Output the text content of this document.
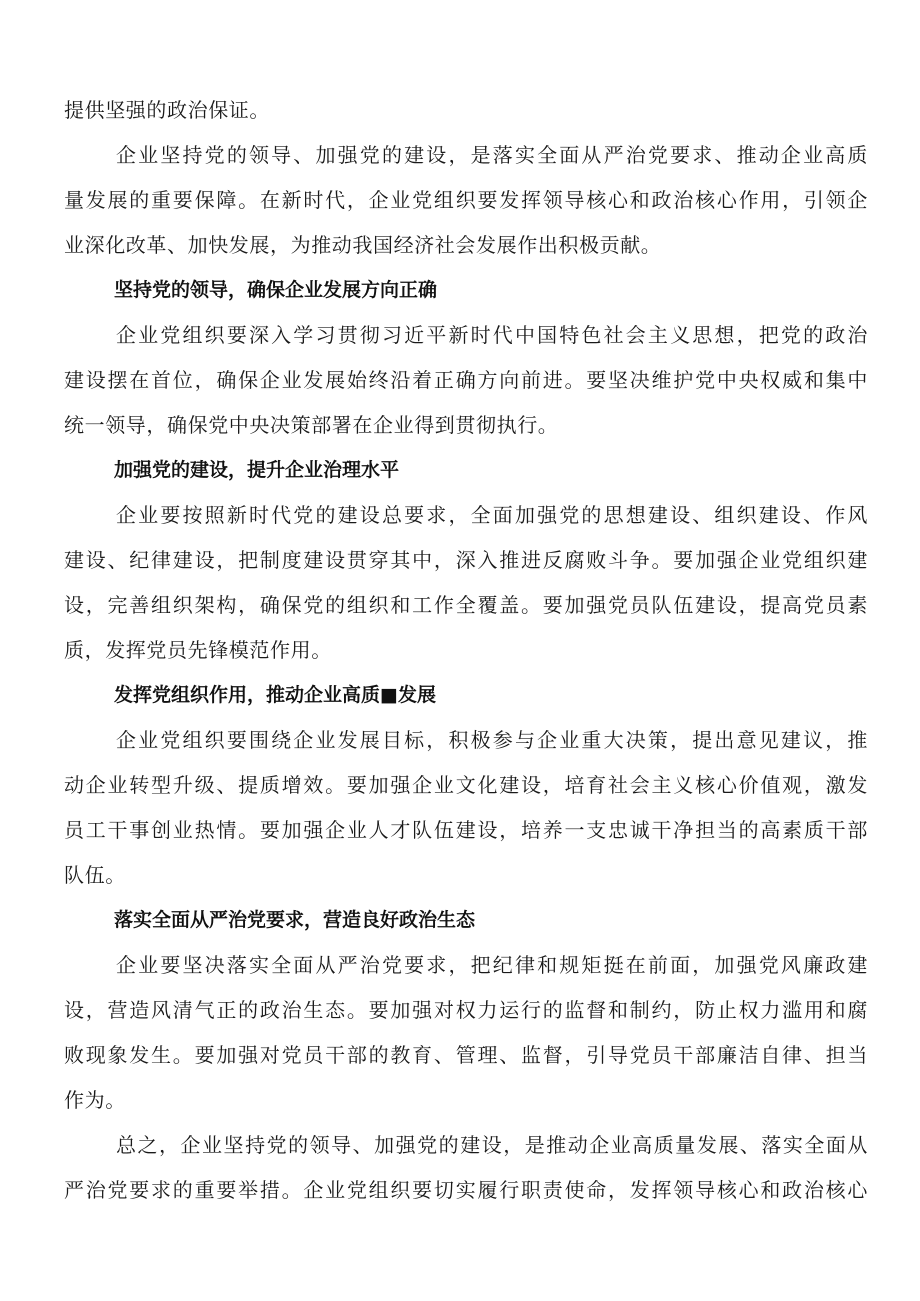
提供坚强的政治保证。

企业坚持党的领导、加强党的建设，是落实全面从严治党要求、推动企业高质

量发展的重要保障。在新时代，企业党组织要发挥领导核心和政治核心作用，引领企

业深化改革、加快发展，为推动我国经济社会发展作出积极贡献。

坚持党的领导，确保企业发展方向正确

企业党组织要深入学习贯彻习近平新时代中国特色社会主义思想，把党的政治

建设摆在首位，确保企业发展始终沿着正确方向前进。要坚决维护党中央权威和集中

统一领导，确保党中央决策部署在企业得到贯彻执行。

加强党的建设，提升企业治理水平

企业要按照新时代党的建设总要求，全面加强党的思想建设、组织建设、作风

建设、纪律建设，把制度建设贯穿其中，深入推进反腐败斗争。要加强企业党组织建

设，完善组织架构，确保党的组织和工作全覆盖。要加强党员队伍建设，提高党员素

质，发挥党员先锋模范作用。

发挥党组织作用，推动企业高质■发展

企业党组织要围绕企业发展目标，积极参与企业重大决策，提出意见建议，推

动企业转型升级、提质增效。要加强企业文化建设，培育社会主义核心价值观，激发

员工干事创业热情。要加强企业人才队伍建设，培养一支忠诚干净担当的高素质干部

队伍。

落实全面从严治党要求，营造良好政治生态

企业要坚决落实全面从严治党要求，把纪律和规矩挺在前面，加强党风廉政建

设，营造风清气正的政治生态。要加强对权力运行的监督和制约，防止权力滥用和腐

败现象发生。要加强对党员干部的教育、管理、监督，引导党员干部廉洁自律、担当

作为。

总之，企业坚持党的领导、加强党的建设，是推动企业高质量发展、落实全面从

严治党要求的重要举措。企业党组织要切实履行职责使命，发挥领导核心和政治核心
